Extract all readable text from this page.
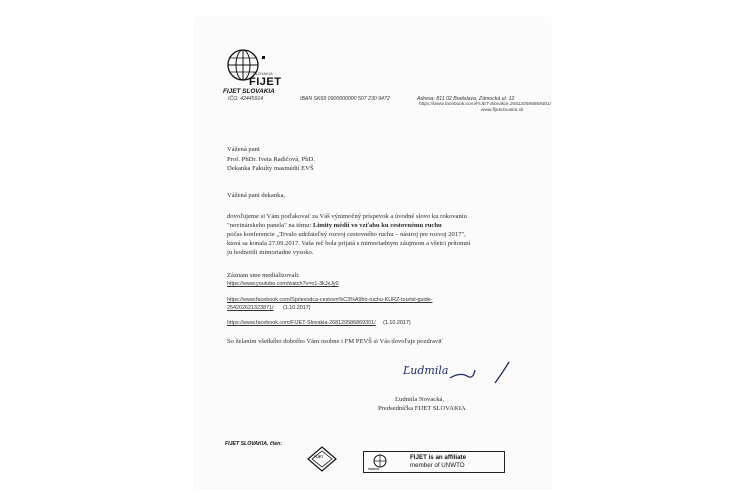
SLOVAKIA
FIJET
FIJET SLOVAKIA
IČO: 42445914	IBAN SK69 0900000000 507 230 9472	Adresa: 811 02 Bratislava, Zámocká ul. 12
https://www.facebook.com/FIJET-Slovakia-268120586869301/
www.fijetslovakia.sk
Vážená pani
Prof. PhDr. Iveta Radičová, PhD.
Dekanka Fakulty masmédií EVŠ
Vážená pani dekanka,
dovoľujeme si Vám poďakovať za Váš výnimočný príspevok a úvodné slovo ku rokovaniu
"novinárskeho panela" na tému: Limity médií vo vzťahu ku cestovnému ruchu
počas konferencie „Trvalo udržateľný rozvoj cestovného ruchu – nástroj pre rozvoj 2017",
ktorá sa konala 27.09.2017. Vaša reč bola prijatá s mimoriadnym záujmom a všetci prítomní
ju hodnotili mimoriadne vysoko.
Záznam sme medializovali:
https://www.youtube.com/watch?v=o1-3kJxJy0
https://www.facebook.com/Sprievodca-cestovn%C3%A9ho-ruchu-KURZ-tourist-guide-
254202621323871/ (1.10.2017)
https://www.facebook.com/FIJET-Slovakia-268120586869301/ (1.10.2017)
So želaním všetkého dobrého Vám osobne i FM PEVŠ si Vás dovoľuje pozdraviť
Ľudmila
Ľudmila Novacká,
Predsedníčka FIJET SLOVAKIA
FIJET SLOVAKIA, člen:
FIJET
UNWTO
FIJET is an affiliate
member of UNWTO
